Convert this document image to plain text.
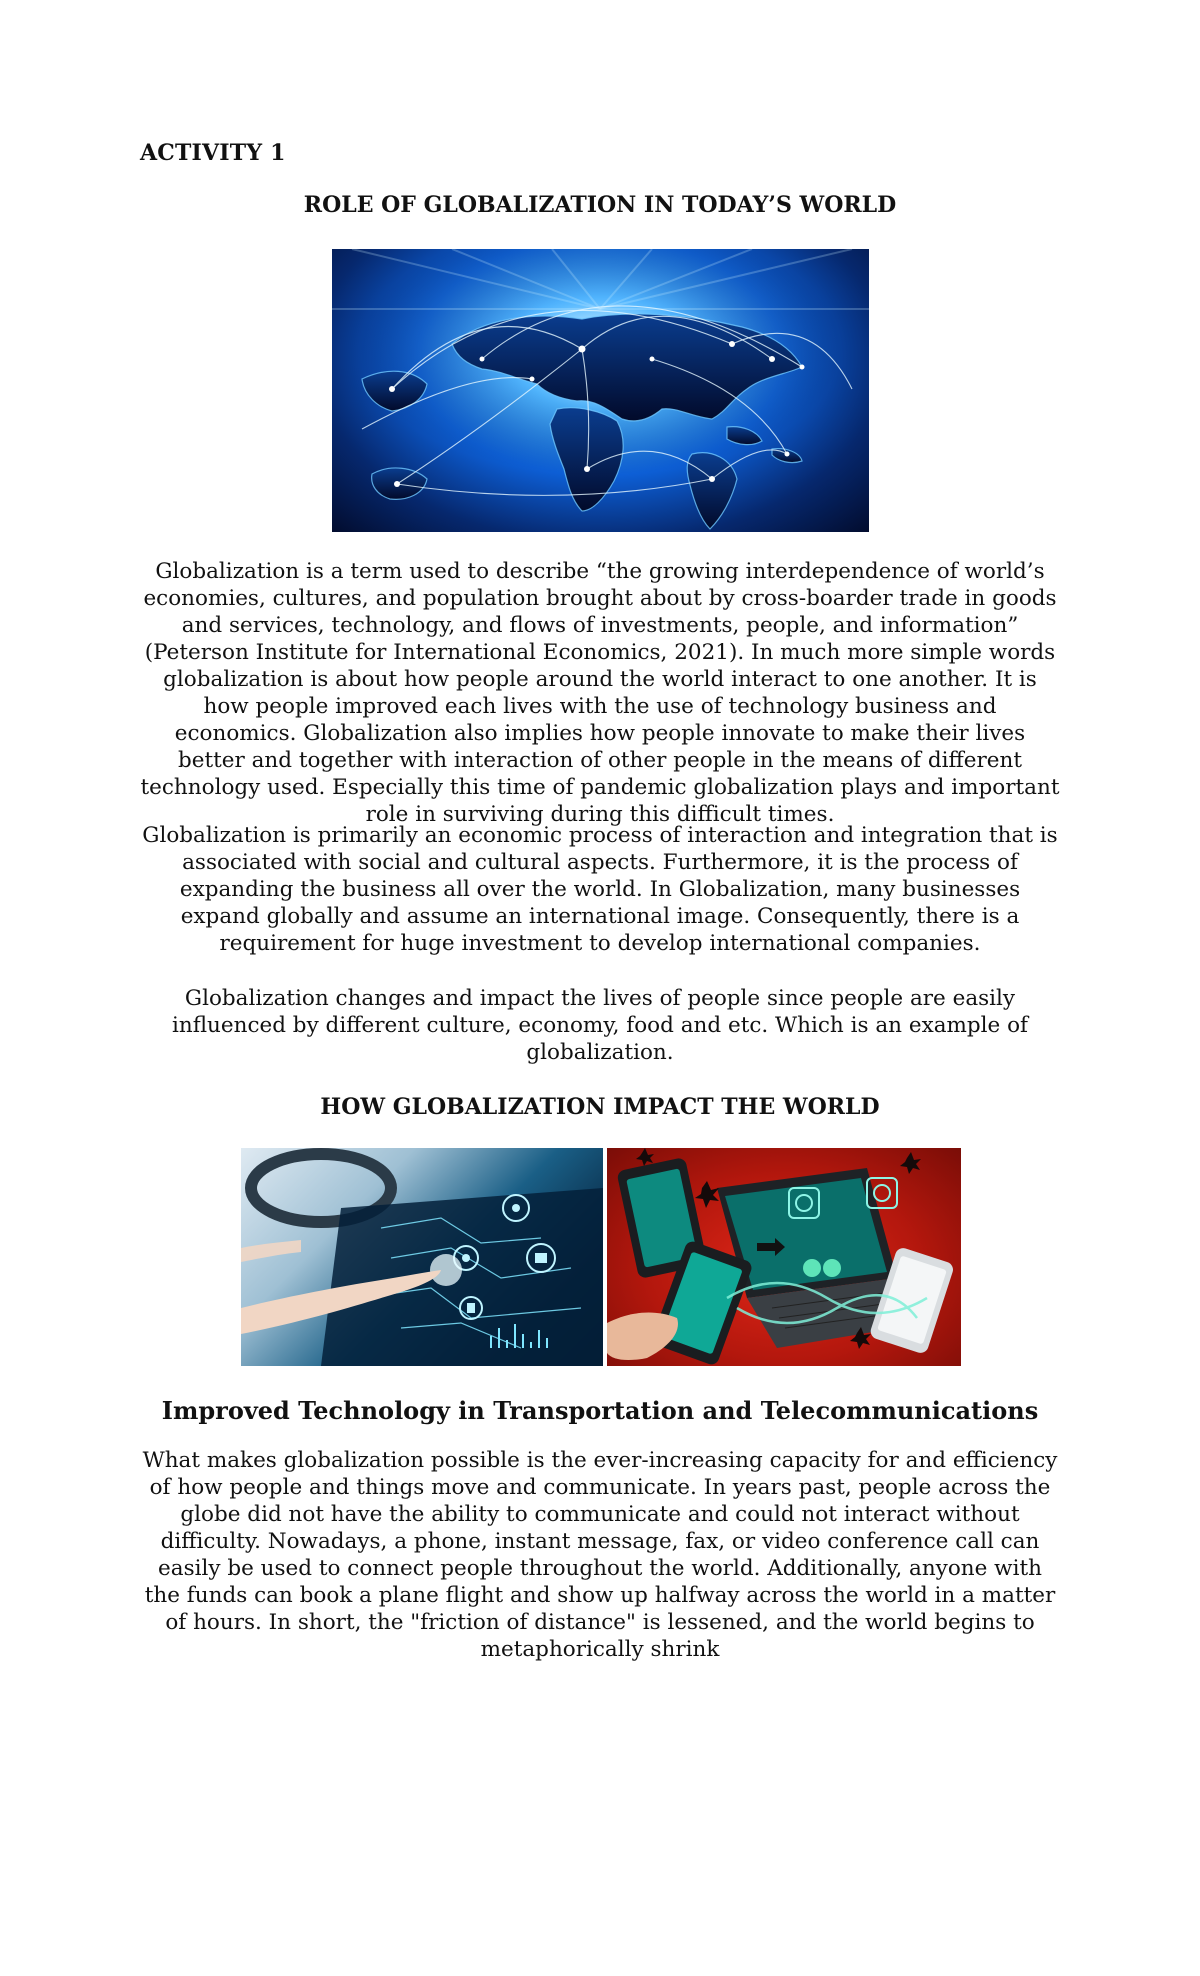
ACTIVITY 1
ROLE OF GLOBALIZATION IN TODAY’S WORLD

Globalization is a term used to describe “the growing interdependence of world’s economies, cultures, and population brought about by cross-boarder trade in goods and services, technology, and flows of investments, people, and information” (Peterson Institute for International Economics, 2021). In much more simple words globalization is about how people around the world interact to one another. It is how people improved each lives with the use of technology business and economics. Globalization also implies how people innovate to make their lives better and together with interaction of other people in the means of different technology used. Especially this time of pandemic globalization plays and important role in surviving during this difficult times.

Globalization is primarily an economic process of interaction and integration that is associated with social and cultural aspects. Furthermore, it is the process of expanding the business all over the world. In Globalization, many businesses expand globally and assume an international image. Consequently, there is a requirement for huge investment to develop international companies.

Globalization changes and impact the lives of people since people are easily influenced by different culture, economy, food and etc. Which is an example of globalization.

HOW GLOBALIZATION IMPACT THE WORLD
Improved Technology in Transportation and Telecommunications

What makes globalization possible is the ever-increasing capacity for and efficiency of how people and things move and communicate. In years past, people across the globe did not have the ability to communicate and could not interact without difficulty. Nowadays, a phone, instant message, fax, or video conference call can easily be used to connect people throughout the world. Additionally, anyone with the funds can book a plane flight and show up halfway across the world in a matter of hours. In short, the "friction of distance" is lessened, and the world begins to metaphorically shrink
